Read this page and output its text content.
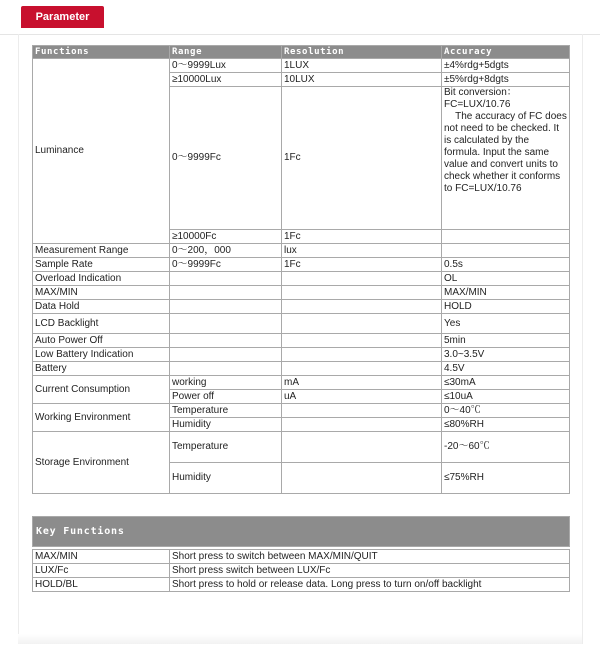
Parameter
Functions	Range	Resolution	Accuracy
Luminance	0～9999Lux	1LUX	±4%rdg+5dgts
	≥10000Lux	10LUX	±5%rdg+8dgts
	0～9999Fc	1Fc	Bit conversion：
FC=LUX/10.76
The accuracy of FC does not need to be checked. It is calculated by the    formula. Input the same value and convert units to check whether it conforms    to FC=LUX/10.76
	≥10000Fc	1Fc	
Measurement Range	0～200，000	lux	
Sample Rate	0～9999Fc	1Fc	0.5s
Overload Indication			OL
MAX/MIN			MAX/MIN
Data Hold			HOLD
LCD Backlight			Yes
Auto Power Off			5min
Low Battery Indication			3.0~3.5V
Battery			4.5V
Current Consumption	working	mA	≤30mA
	Power off	uA	≤10uA
Working Environment	Temperature		0～40℃
	Humidity		≤80%RH
Storage Environment	Temperature		-20～60℃
	Humidity		≤75%RH
Key Functions	

MAX/MIN	Short press to switch between MAX/MIN/QUIT
LUX/Fc	Short press switch between LUX/Fc
HOLD/BL	Short press to hold or release data. Long press to turn on/off backlight
